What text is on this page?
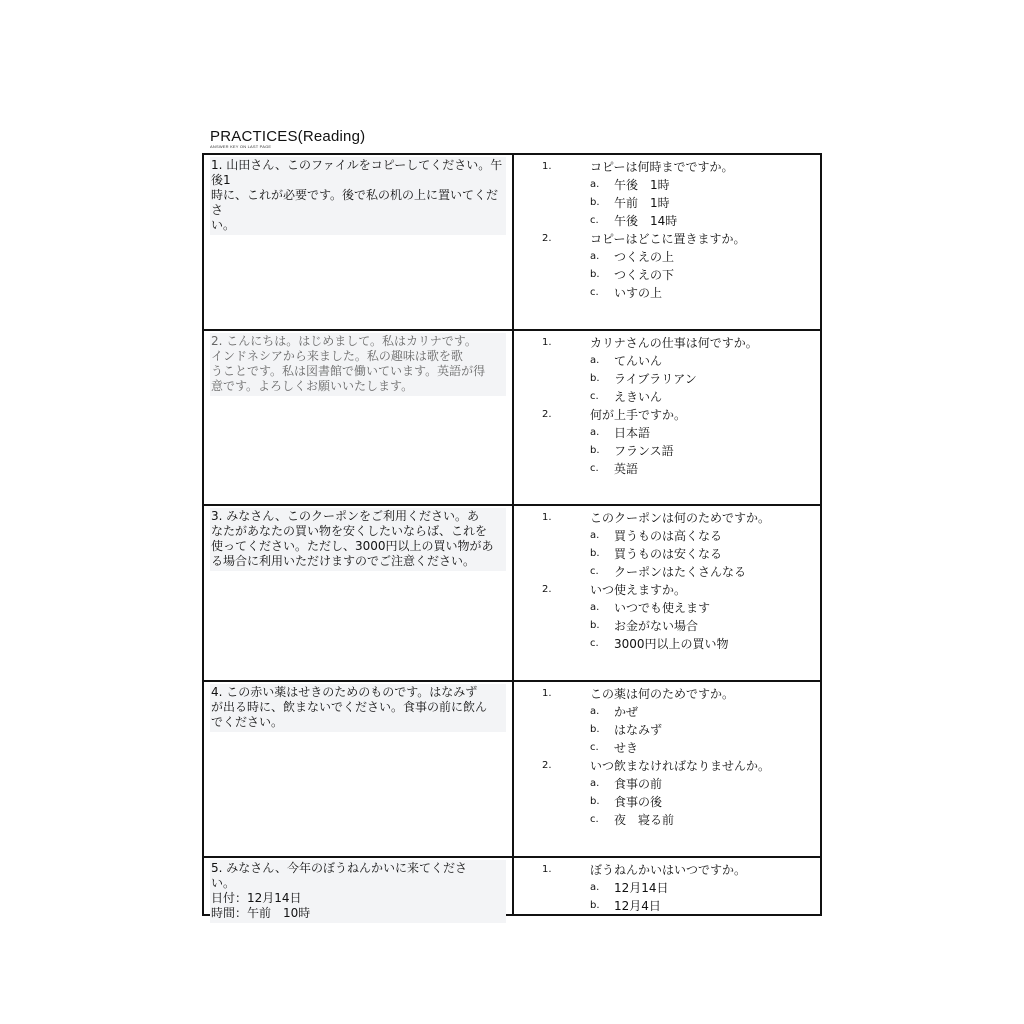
PRACTICES(Reading)
ANSWER KEY ON LAST PAGE
1. 山田さん、このファイルをコピーしてください。午後1
時に、これが必要です。後で私の机の上に置いてくださ
い。
1.	コピーは何時までですか。
a. 午後　1時
b. 午前　1時
c. 午後　14時
2.	コピーはどこに置きますか。
a. つくえの上
b. つくえの下
c. いすの上
2. こんにちは。はじめまして。私はカリナです。
インドネシアから来ました。私の趣味は歌を歌
うことです。私は図書館で働いています。英語が得
意です。よろしくお願いいたします。
1.	カリナさんの仕事は何ですか。
a. てんいん
b. ライブラリアン
c. えきいん
2.	何が上手ですか。
a. 日本語
b. フランス語
c. 英語
3. みなさん、このクーポンをご利用ください。あ
なたがあなたの買い物を安くしたいならば、これを
使ってください。ただし、3000円以上の買い物があ
る場合に利用いただけますのでご注意ください。
1.	このクーポンは何のためですか。
a. 買うものは高くなる
b. 買うものは安くなる
c. クーポンはたくさんなる
2.	いつ使えますか。
a. いつでも使えます
b. お金がない場合
c. 3000円以上の買い物
4. この赤い薬はせきのためのものです。はなみず
が出る時に、飲まないでください。食事の前に飲ん
でください。
1.	この薬は何のためですか。
a. かぜ
b. はなみず
c. せき
2.	いつ飲まなければなりませんか。
a. 食事の前
b. 食事の後
c. 夜　寝る前
5. みなさん、今年のぼうねんかいに来てくださ
い。
日付：12月14日
時間：午前　10時
1.	ぼうねんかいはいつですか。
a. 12月14日
b. 12月4日
